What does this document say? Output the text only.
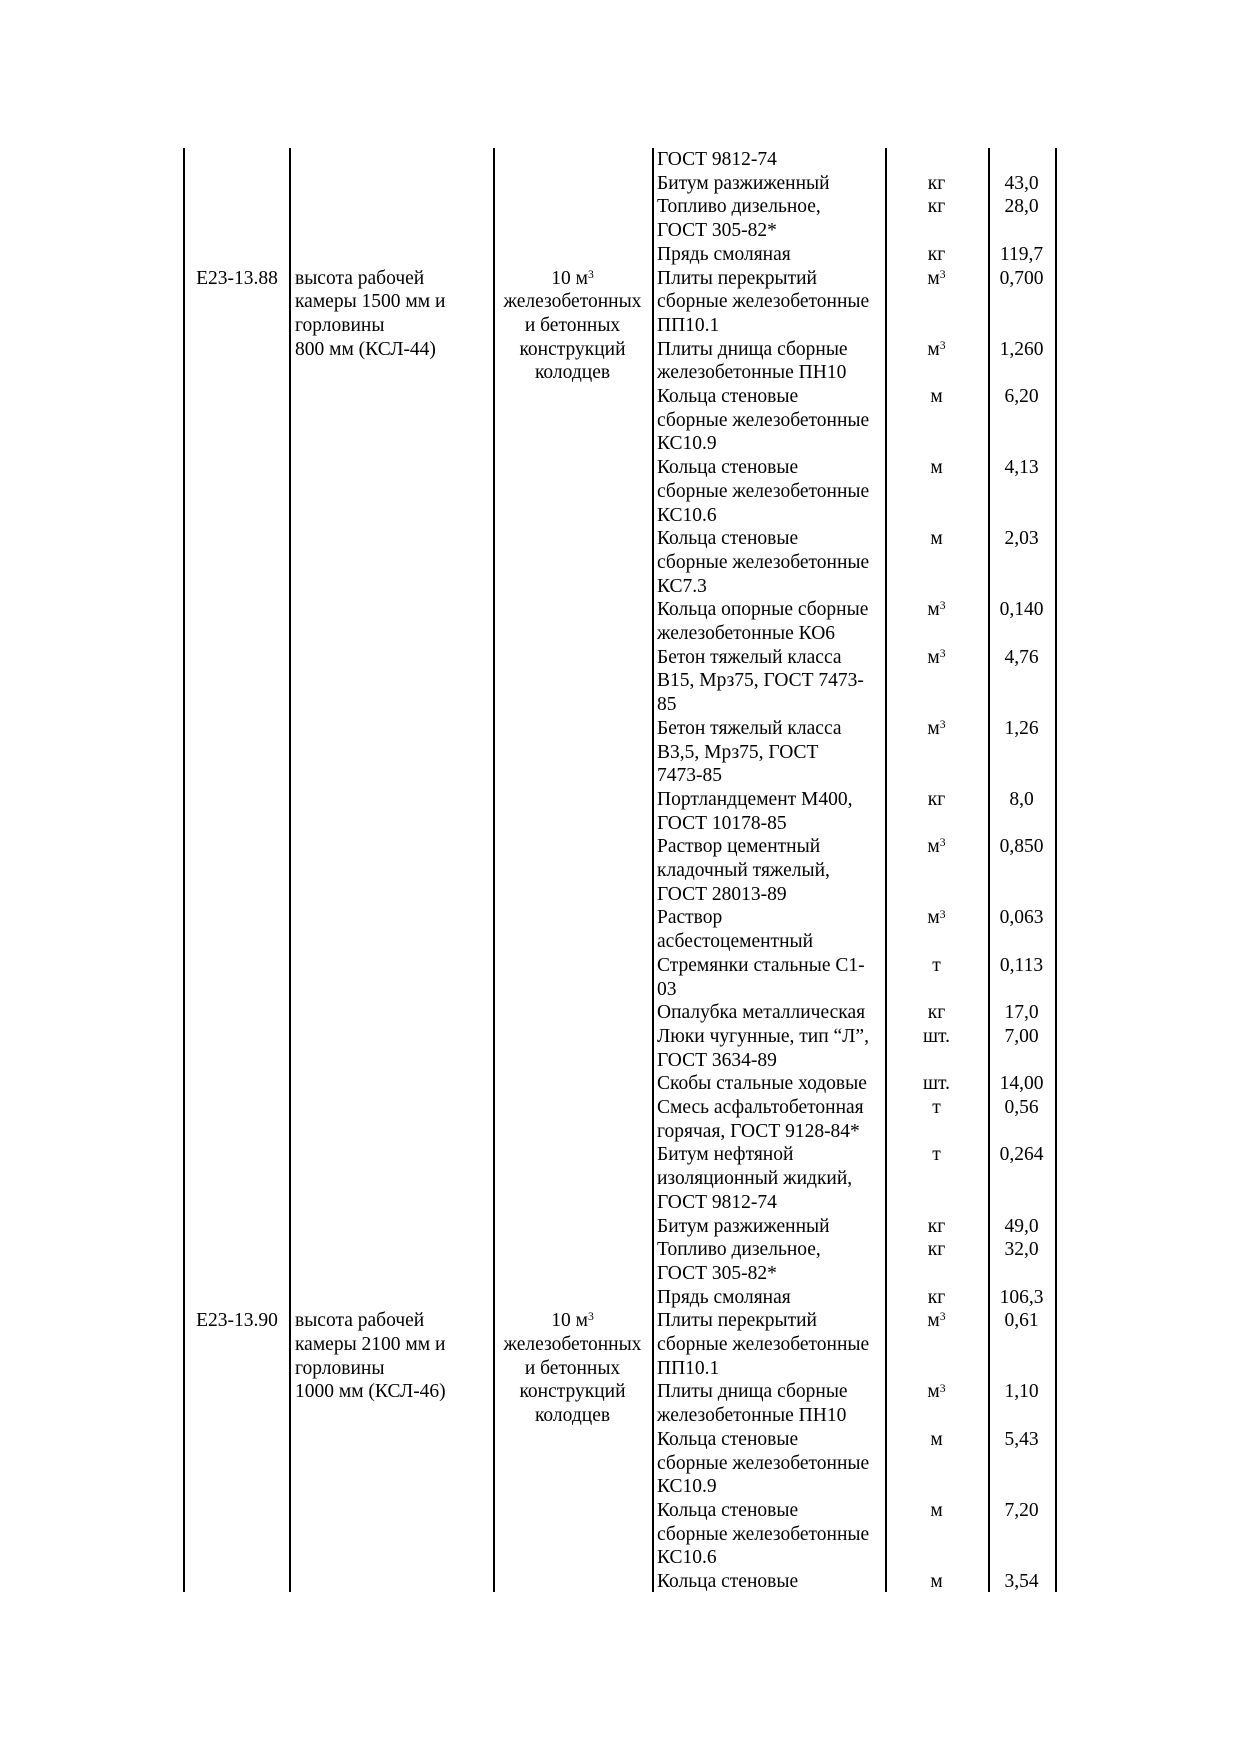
Е23-13.88
Е23-13.90
высота рабочей
камеры 1500 мм и
горловины
800 мм (КСЛ-44)
высота рабочей
камеры 2100 мм и
горловины
1000 мм (КСЛ-46)
10 $м^3$
железобетонных
и бетонных
конструкций
колодцев
10 $м^3$
железобетонных
и бетонных
конструкций
колодцев
ГОСТ 9812-74
Битум разжиженный
Топливо дизельное,
ГОСТ 305-82*
Прядь смоляная
Плиты перекрытий
сборные железобетонные
ПП10.1
Плиты днища сборные
железобетонные ПН10
Кольца стеновые
сборные железобетонные
КС10.9
Кольца стеновые
сборные железобетонные
КС10.6
Кольца стеновые
сборные железобетонные
КС7.3
Кольца опорные сборные
железобетонные КО6
Бетон тяжелый класса
В15, Мрз75, ГОСТ 7473-
85
Бетон тяжелый класса
В3,5, Мрз75, ГОСТ
7473-85
Портландцемент М400,
ГОСТ 10178-85
Раствор цементный
кладочный тяжелый,
ГОСТ 28013-89
Раствор
асбестоцементный
Стремянки стальные С1-
03
Опалубка металлическая
Люки чугунные, тип “Л”,
ГОСТ 3634-89
Скобы стальные ходовые
Смесь асфальтобетонная
горячая, ГОСТ 9128-84*
Битум нефтяной
изоляционный жидкий,
ГОСТ 9812-74
Битум разжиженный
Топливо дизельное,
ГОСТ 305-82*
Прядь смоляная
Плиты перекрытий
сборные железобетонные
ПП10.1
Плиты днища сборные
железобетонные ПН10
Кольца стеновые
сборные железобетонные
КС10.9
Кольца стеновые
сборные железобетонные
КС10.6
Кольца стеновые
кг
кг
кг
$м^3$
$м^3$
м
м
м
$м^3$
$м^3$
$м^3$
кг
$м^3$
$м^3$
т
кг
шт.
шт.
т
т
кг
кг
кг
$м^3$
$м^3$
м
м
м
43,0
28,0
119,7
0,700
1,260
6,20
4,13
2,03
0,140
4,76
1,26
8,0
0,850
0,063
0,113
17,0
7,00
14,00
0,56
0,264
49,0
32,0
106,3
0,61
1,10
5,43
7,20
3,54
